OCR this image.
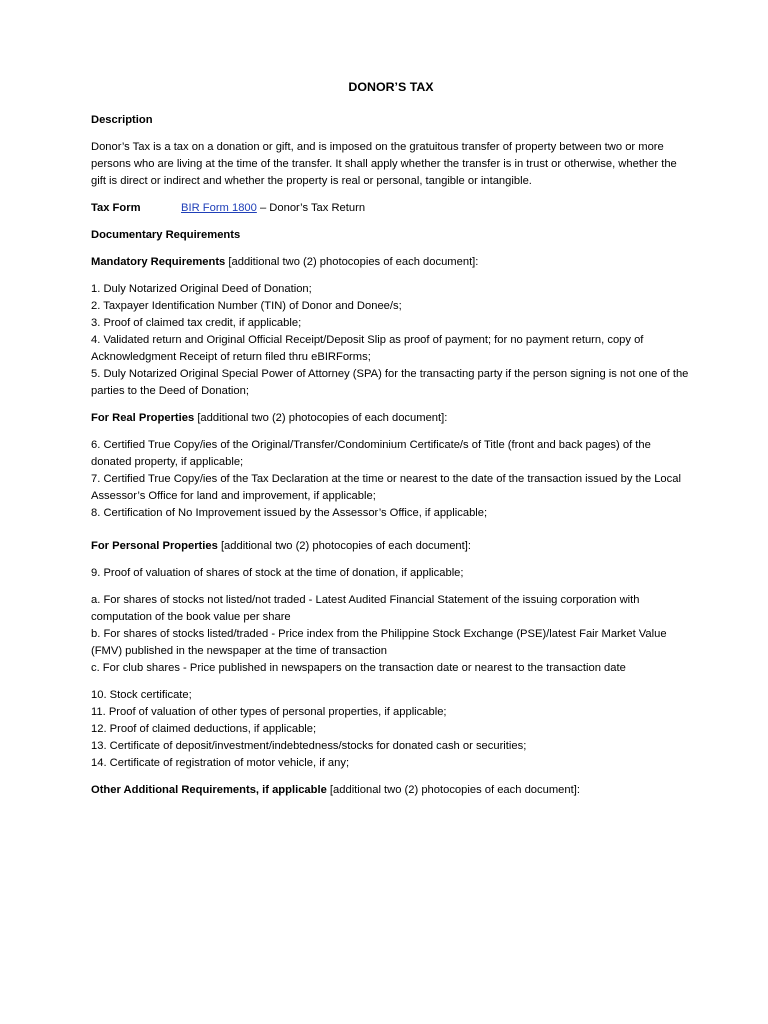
DONOR’S TAX

Description

Donor’s Tax is a tax on a donation or gift, and is imposed on the gratuitous transfer of property between two or more persons who are living at the time of the transfer. It shall apply whether the transfer is in trust or otherwise, whether the gift is direct or indirect and whether the property is real or personal, tangible or intangible.

Tax Form	BIR Form 1800 – Donor’s Tax Return

Documentary Requirements

Mandatory Requirements [additional two (2) photocopies of each document]:

1. Duly Notarized Original Deed of Donation;
2. Taxpayer Identification Number (TIN) of Donor and Donee/s;
3. Proof of claimed tax credit, if applicable;
4. Validated return and Original Official Receipt/Deposit Slip as proof of payment; for no payment return, copy of Acknowledgment Receipt of return filed thru eBIRForms;
5. Duly Notarized Original Special Power of Attorney (SPA) for the transacting party if the person signing is not one of the parties to the Deed of Donation;

For Real Properties [additional two (2) photocopies of each document]:

6. Certified True Copy/ies of the Original/Transfer/Condominium Certificate/s of Title (front and back pages) of the donated property, if applicable;
7. Certified True Copy/ies of the Tax Declaration at the time or nearest to the date of the transaction issued by the Local Assessor’s Office for land and improvement, if applicable;
8. Certification of No Improvement issued by the Assessor’s Office, if applicable;

For Personal Properties [additional two (2) photocopies of each document]:

9. Proof of valuation of shares of stock at the time of donation, if applicable;

a. For shares of stocks not listed/not traded - Latest Audited Financial Statement of the issuing corporation with computation of the book value per share
b. For shares of stocks listed/traded - Price index from the Philippine Stock Exchange (PSE)/latest Fair Market Value (FMV) published in the newspaper at the time of transaction
c. For club shares - Price published in newspapers on the transaction date or nearest to the transaction date
10. Stock certificate;
11. Proof of valuation of other types of personal properties, if applicable;
12. Proof of claimed deductions, if applicable;
13. Certificate of deposit/investment/indebtedness/stocks for donated cash or securities;
14. Certificate of registration of motor vehicle, if any;

Other Additional Requirements, if applicable [additional two (2) photocopies of each document]:
